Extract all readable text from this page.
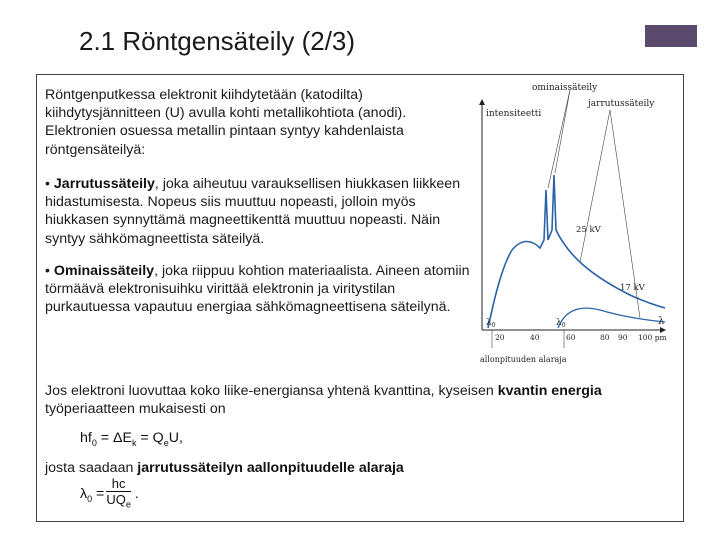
2.1 Röntgensäteily (2/3)
Röntgenputkessa elektronit kiihdytetään (katodilta) kiihdytysjännitteen (U) avulla kohti metallikohtiota (anodi). Elektronien osuessa metallin pintaan syntyy kahdenlaista röntgensäteilyä:
• Jarrutussäteily, joka aiheutuu varauksellisen hiukkasen liikkeen hidastumisesta. Nopeus siis muuttuu nopeasti, jolloin myös hiukkasen synnyttämä magneettikenttä muuttuu nopeasti. Näin syntyy sähkömagneettista säteilyä.
• Ominaissäteily, joka riippuu kohtion materiaalista. Aineen atomiin törmäävä elektronisuihku virittää elektronin ja viritystilan purkautuessa vapautuu energiaa sähkömagneettisena säteilynä.
Jos elektroni luovuttaa koko liike-energiansa yhtenä kvanttina, kyseisen kvantin energia työperiaatteen mukaisesti on
$hf_0 = \Delta E_k = Q_eU$,
josta saadaan jarrutussäteilyn aallonpituudelle alaraja
$\lambda_0 = \frac{hc}{UQ_e}$ .
ominaissäteily
jarrutussäteily
intensiteetti
25 kV
17 kV
$\lambda_0$	$\lambda_0$	λ
20	40	60	80 90 100 pm
allonpituuden alaraja
